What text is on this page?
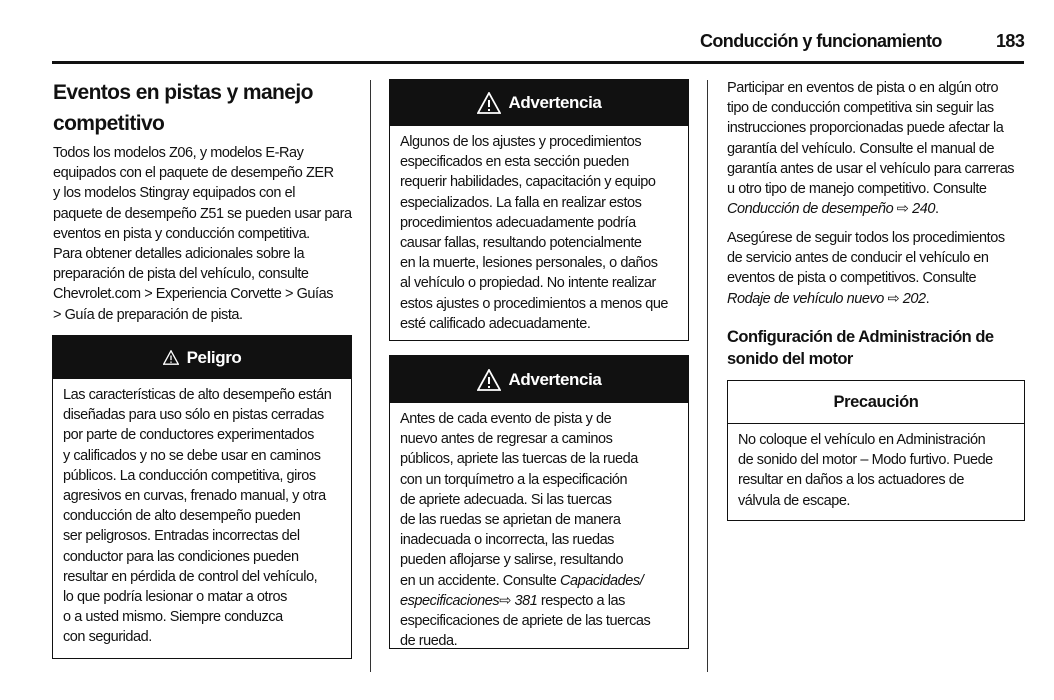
Conducción y funcionamiento	183
Eventos en pistas y manejo
competitivo
Todos los modelos Z06, y modelos E-Ray
equipados con el paquete de desempeño ZER
y los modelos Stingray equipados con el
paquete de desempeño Z51 se pueden usar para
eventos en pista y conducción competitiva.
Para obtener detalles adicionales sobre la
preparación de pista del vehículo, consulte
Chevrolet.com > Experiencia Corvette > Guías
> Guía de preparación de pista.
Peligro
Las características de alto desempeño están
diseñadas para uso sólo en pistas cerradas
por parte de conductores experimentados
y calificados y no se debe usar en caminos
públicos. La conducción competitiva, giros
agresivos en curvas, frenado manual, y otra
conducción de alto desempeño pueden
ser peligrosos. Entradas incorrectas del
conductor para las condiciones pueden
resultar en pérdida de control del vehículo,
lo que podría lesionar o matar a otros
o a usted mismo. Siempre conduzca
con seguridad.
Advertencia
Algunos de los ajustes y procedimientos
especificados en esta sección pueden
requerir habilidades, capacitación y equipo
especializados. La falla en realizar estos
procedimientos adecuadamente podría
causar fallas, resultando potencialmente
en la muerte, lesiones personales, o daños
al vehículo o propiedad. No intente realizar
estos ajustes o procedimientos a menos que
esté calificado adecuadamente.
Advertencia
Antes de cada evento de pista y de
nuevo antes de regresar a caminos
públicos, apriete las tuercas de la rueda
con un torquímetro a la especificación
de apriete adecuada. Si las tuercas
de las ruedas se aprietan de manera
inadecuada o incorrecta, las ruedas
pueden aflojarse y salirse, resultando
en un accidente. Consulte Capacidades/
especificaciones⇨ 381 respecto a las
especificaciones de apriete de las tuercas
de rueda.
Participar en eventos de pista o en algún otro
tipo de conducción competitiva sin seguir las
instrucciones proporcionadas puede afectar la
garantía del vehículo. Consulte el manual de
garantía antes de usar el vehículo para carreras
u otro tipo de manejo competitivo. Consulte
Conducción de desempeño ⇨ 240.
Asegúrese de seguir todos los procedimientos
de servicio antes de conducir el vehículo en
eventos de pista o competitivos. Consulte
Rodaje de vehículo nuevo ⇨ 202.
Configuración de Administración de
sonido del motor
Precaución
No coloque el vehículo en Administración
de sonido del motor – Modo furtivo. Puede
resultar en daños a los actuadores de
válvula de escape.
